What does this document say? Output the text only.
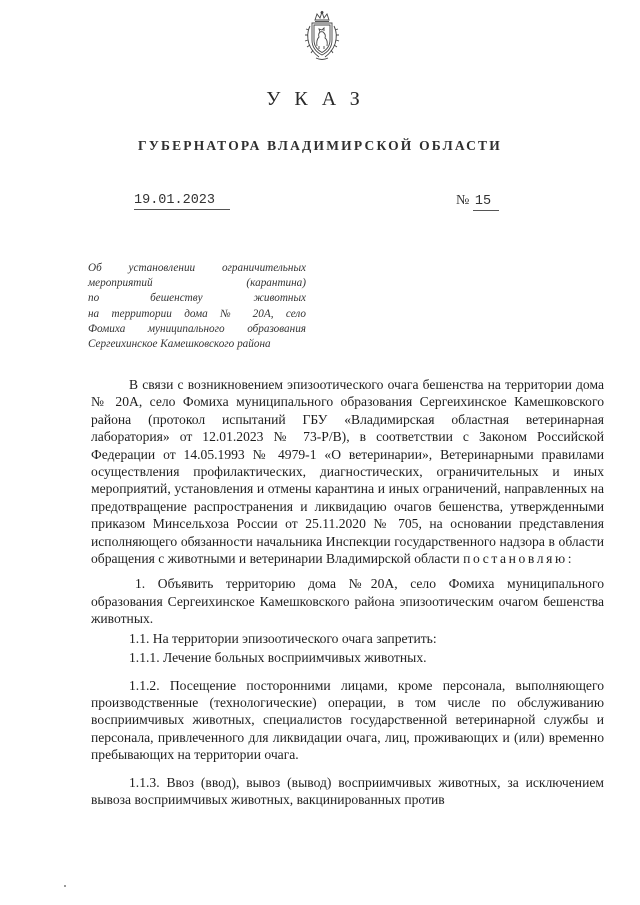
УКАЗ
ГУБЕРНАТОРА ВЛАДИМИРСКОЙ ОБЛАСТИ
19.01.2023	№ 15
Об установлении ограничительных
мероприятий (карантина)
по бешенству животных
на территории дома № 20А, село
Фомиха муниципального образования
Сергеихинское Камешковского района

В связи с возникновением эпизоотического очага бешенства на территории дома № 20А, село Фомиха муниципального образования Сергеихинское Камешковского района (протокол испытаний ГБУ «Владимирская областная ветеринарная лаборатория» от 12.01.2023 № 73-Р/В), в соответствии с Законом Российской Федерации от 14.05.1993 № 4979-1 «О ветеринарии», Ветеринарными правилами осуществления профилактических, диагностических, ограничительных и иных мероприятий, установления и отмены карантина и иных ограничений, направленных на предотвращение распространения и ликвидацию очагов бешенства, утвержденными приказом Минсельхоза России от 25.11.2020 № 705, на основании представления исполняющего обязанности начальника Инспекции государственного надзора в области обращения с животными и ветеринарии Владимирской области постановляю:

1. Объявить территорию дома №20А, село Фомиха муниципального образования Сергеихинское Камешковского района эпизоотическим очагом бешенства животных.

1.1. На территории эпизоотического очага запретить:

1.1.1. Лечение больных восприимчивых животных.

1.1.2. Посещение посторонними лицами, кроме персонала, выполняющего производственные (технологические) операции, в том числе по обслуживанию восприимчивых животных, специалистов государственной ветеринарной службы и персонала, привлеченного для ликвидации очага, лиц, проживающих и (или) временно пребывающих на территории очага.

1.1.3. Ввоз (ввод), вывоз (вывод) восприимчивых животных, за исключением вывоза восприимчивых животных, вакцинированных против
